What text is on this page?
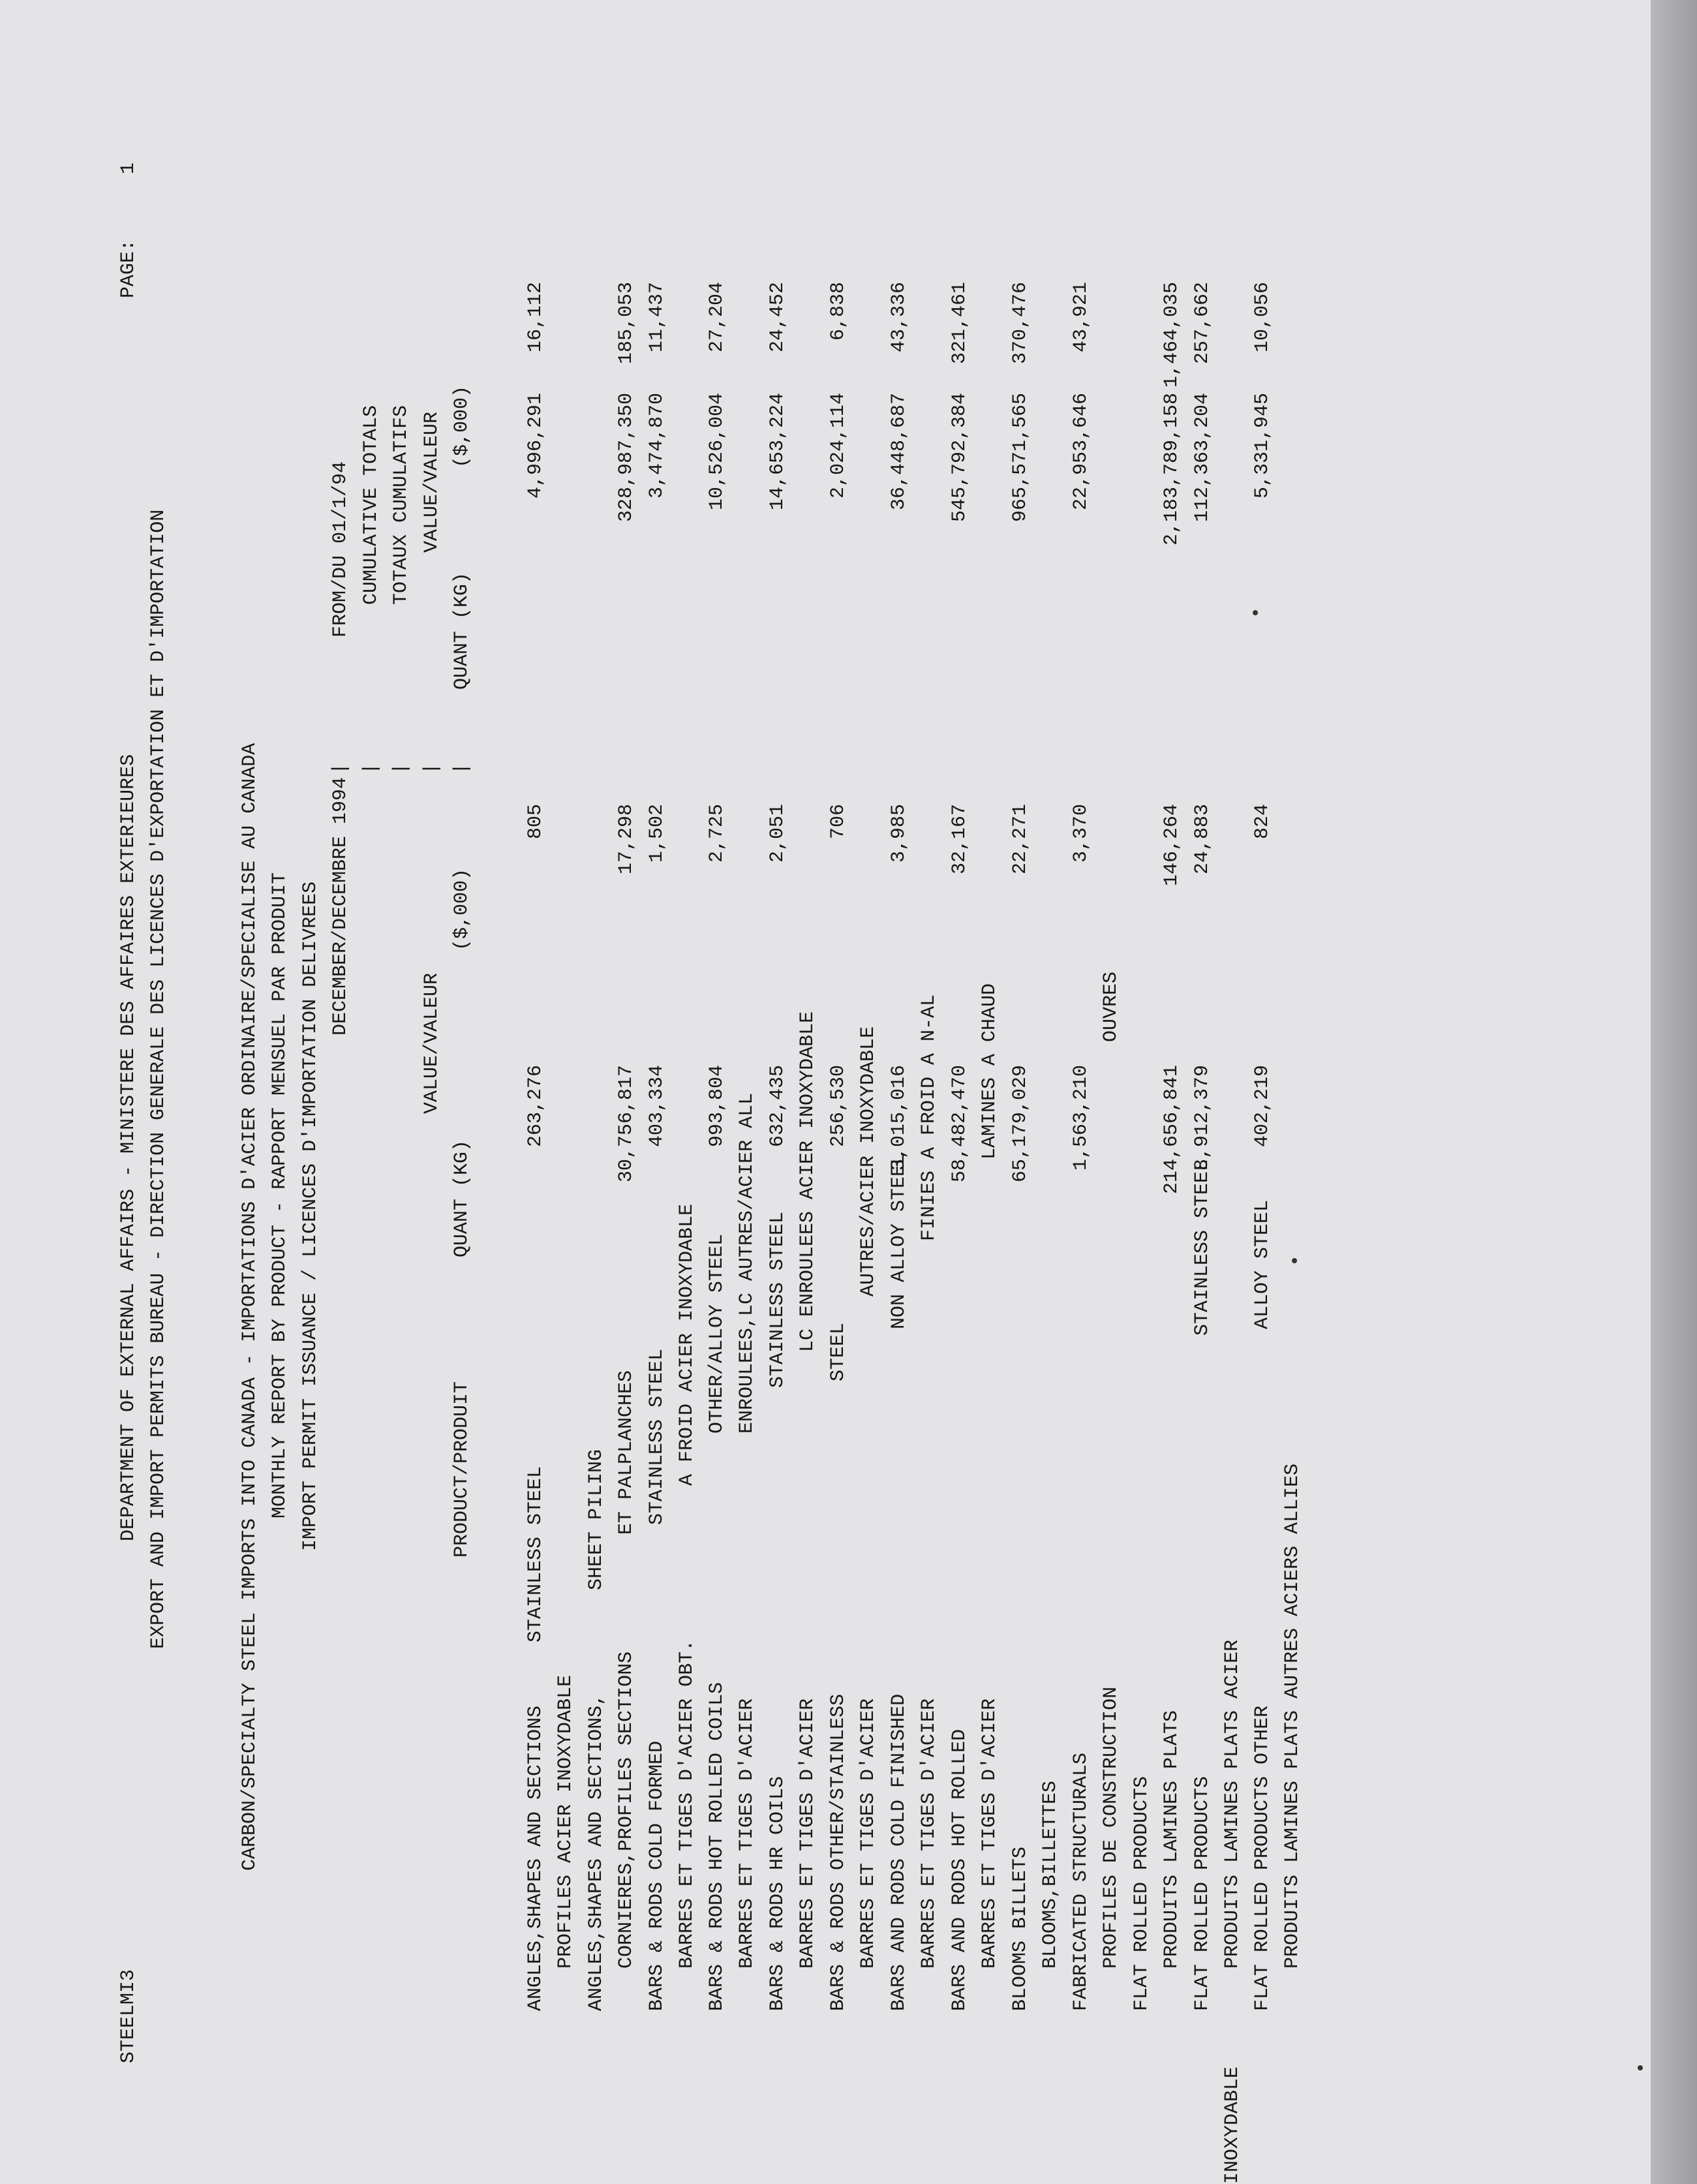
STEELMI3
DEPARTMENT OF EXTERNAL AFFAIRS - MINISTERE DES AFFAIRES EXTERIEURES EXPORT AND IMPORT PERMITS BUREAU - DIRECTION GENERALE DES LICENCES D'EXPORTATION ET D'IMPORTATION
PAGE:
1
CARBON/SPECIALTY STEEL IMPORTS INTO CANADA - IMPORTATIONS D'ACIER ORDINAIRE/SPECIALISE AU CANADA MONTHLY REPORT BY PRODUCT - RAPPORT MENSUEL PAR PRODUIT IMPORT PERMIT ISSUANCE / LICENCES D'IMPORTATION DELIVREES DECEMBER/DECEMBRE 1994
| | | | |
FROM/DU 01/1/94 CUMULATIVE TOTALS TOTAUX CUMULATIFS VALUE/VALEUR
VALUE/VALEUR
PRODUCT/PRODUIT
QUANT (KG)
($,000)
QUANT (KG)
($,000)
ANGLES,SHAPES AND SECTIONS
STAINLESS STEEL
PROFILES ACIER INOXYDABLE
263,276
805
4,996,291
16,112
ANGLES,SHAPES AND SECTIONS,
SHEET PILING
CORNIERES,PROFILES SECTIONS
ET PALPLANCHES
30,756,817
17,298
328,987,350
185,053
BARS & RODS COLD FORMED
STAINLESS STEEL
BARRES ET TIGES D'ACIER OBT.
A FROID ACIER INOXYDABLE
403,334
1,502
3,474,870
11,437
BARS & RODS HOT ROLLED COILS
OTHER/ALLOY STEEL
BARRES ET TIGES D'ACIER
ENROULEES,LC AUTRES/ACIER ALL
993,804
2,725
10,526,004
27,204
BARS & RODS HR COILS
STAINLESS STEEL
BARRES ET TIGES D'ACIER
LC ENROULEES ACIER INOXYDABLE
632,435
2,051
14,653,224
24,452
BARS & RODS OTHER/STAINLESS
STEEL
BARRES ET TIGES D'ACIER
AUTRES/ACIER INOXYDABLE
256,530
706
2,024,114
6,838
BARS AND RODS COLD FINISHED
NON ALLOY STEEL
BARRES ET TIGES D'ACIER
FINIES A FROID A N-AL
3,015,016
3,985
36,448,687
43,336
BARS AND RODS HOT ROLLED BARRES ET TIGES D'ACIER
LAMINES A CHAUD
58,482,470
32,167
545,792,384
321,461
BLOOMS BILLETS BLOOMS,BILLETTES
65,179,029
22,271
965,571,565
370,476
FABRICATED STRUCTURALS PROFILES DE CONSTRUCTION
OUVRES
1,563,210
3,370
22,953,646
43,921
FLAT ROLLED PRODUCTS PRODUITS LAMINES PLATS
214,656,841
146,264
2,183,789,158
1,464,035
FLAT ROLLED PRODUCTS
STAINLESS STEEL
PRODUITS LAMINES PLATS ACIER
INOXYDABLE
8,912,379
24,883
112,363,204
257,662
FLAT ROLLED PRODUCTS OTHER
ALLOY STEEL
PRODUITS LAMINES PLATS AUTRES ACIERS ALLIES
402,219
824
5,331,945
10,056
